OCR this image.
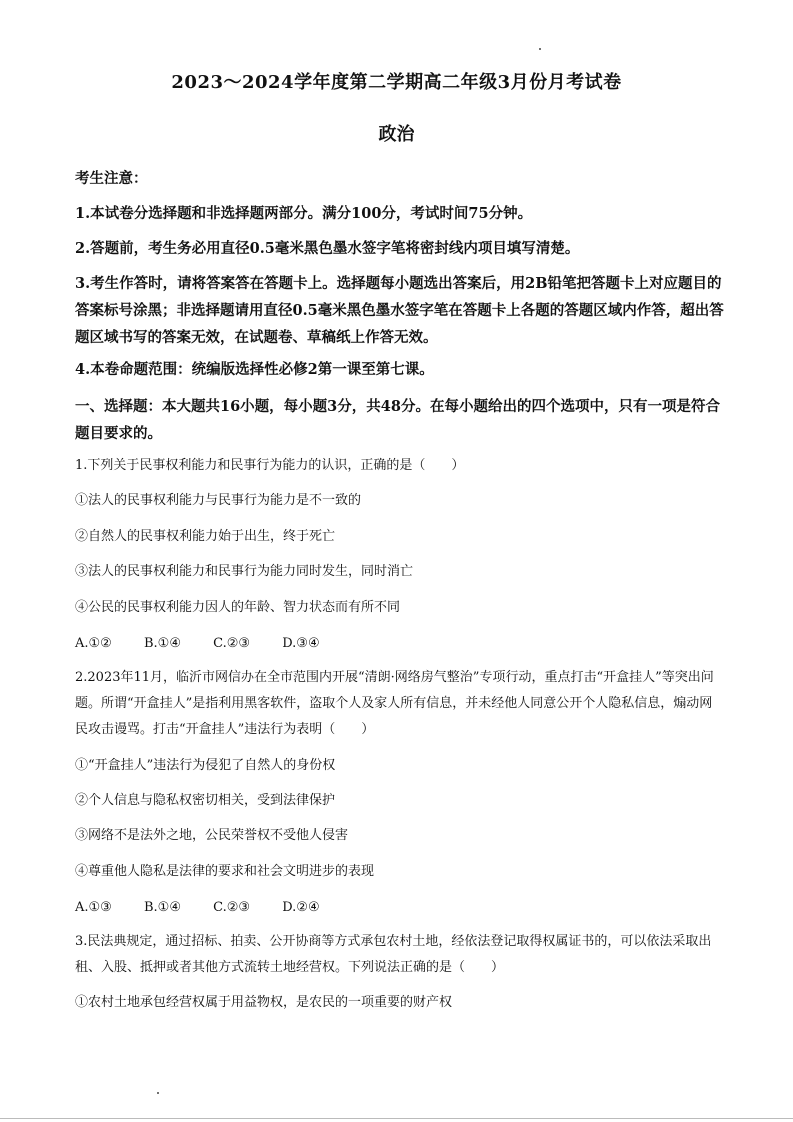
2023～2024学年度第二学期高二年级3月份月考试卷
政治
考生注意：
1.本试卷分选择题和非选择题两部分。满分100分，考试时间75分钟。
2.答题前，考生务必用直径0.5毫米黑色墨水签字笔将密封线内项目填写清楚。
3.考生作答时，请将答案答在答题卡上。选择题每小题选出答案后，用2B铅笔把答题卡上对应题目的答案标号涂黑；非选择题请用直径0.5毫米黑色墨水签字笔在答题卡上各题的答题区域内作答，超出答题区域书写的答案无效，在试题卷、草稿纸上作答无效。
4.本卷命题范围：统编版选择性必修2第一课至第七课。
一、选择题：本大题共16小题，每小题3分，共48分。在每小题给出的四个选项中，只有一项是符合题目要求的。
1.下列关于民事权利能力和民事行为能力的认识，正确的是（　　）
①法人的民事权利能力与民事行为能力是不一致的
②自然人的民事权利能力始于出生，终于死亡
③法人的民事权利能力和民事行为能力同时发生，同时消亡
④公民的民事权利能力因人的年龄、智力状态而有所不同
A.①② B.①④ C.②③ D.③④
2.2023年11月，临沂市网信办在全市范围内开展“清朗·网络房气整治”专项行动，重点打击“开盒挂人”等突出问题。所谓“开盒挂人”是指利用黑客软件，盗取个人及家人所有信息，并未经他人同意公开个人隐私信息，煽动网民攻击谩骂。打击“开盒挂人”违法行为表明（　　）
①“开盒挂人”违法行为侵犯了自然人的身份权
②个人信息与隐私权密切相关，受到法律保护
③网络不是法外之地，公民荣誉权不受他人侵害
④尊重他人隐私是法律的要求和社会文明进步的表现
A.①③ B.①④ C.②③ D.②④
3.民法典规定，通过招标、拍卖、公开协商等方式承包农村土地，经依法登记取得权属证书的，可以依法采取出租、入股、抵押或者其他方式流转土地经营权。下列说法正确的是（　　）
①农村土地承包经营权属于用益物权，是农民的一项重要的财产权
